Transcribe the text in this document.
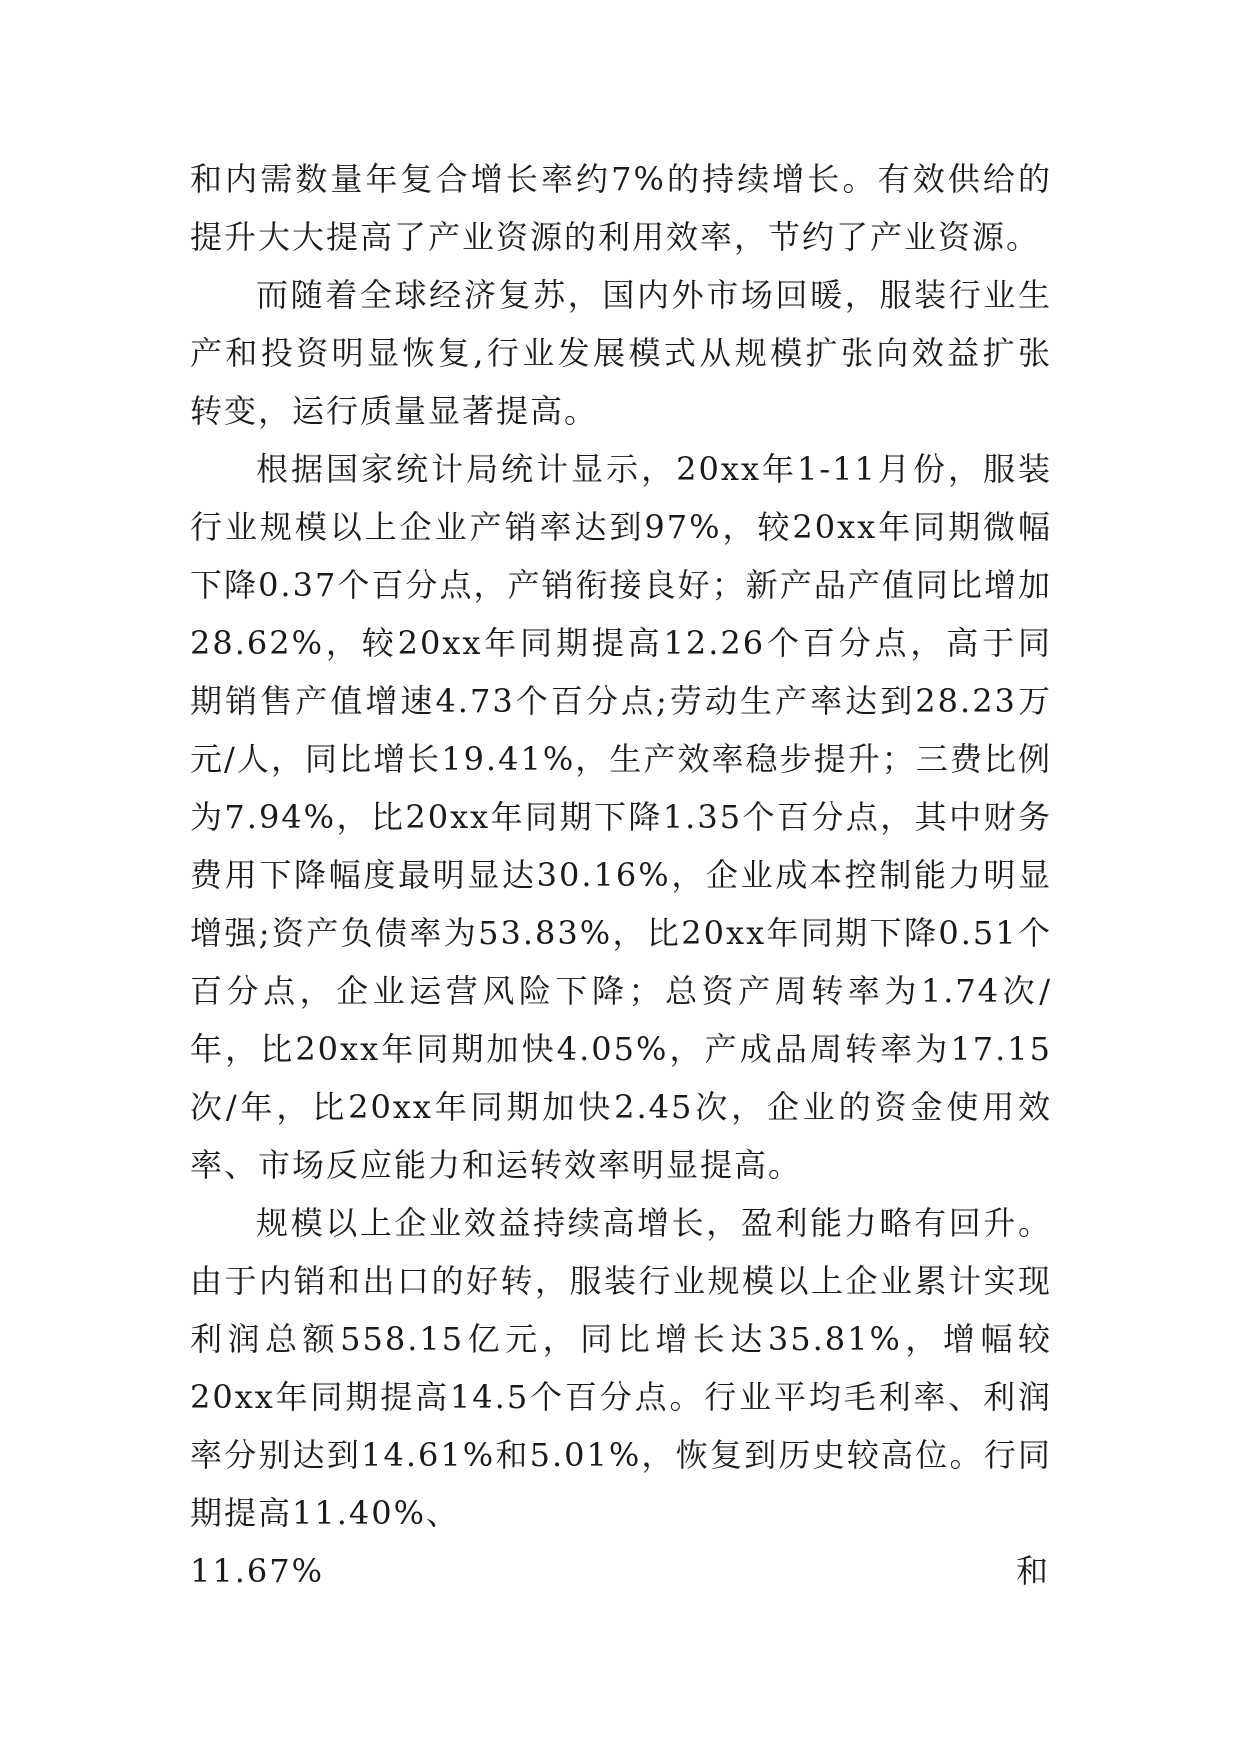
和内需数量年复合增长率约7%的持续增长。有效供给的提升大大提高了产业资源的利用效率，节约了产业资源。

而随着全球经济复苏，国内外市场回暖，服装行业生产和投资明显恢复,行业发展模式从规模扩张向效益扩张转变，运行质量显著提高。

根据国家统计局统计显示，20xx年1-11月份，服装行业规模以上企业产销率达到97%，较20xx年同期微幅下降0.37个百分点，产销衔接良好；新产品产值同比增加28.62%，较20xx年同期提高12.26个百分点，高于同期销售产值增速4.73个百分点;劳动生产率达到28.23万元/人，同比增长19.41%，生产效率稳步提升；三费比例为7.94%，比20xx年同期下降1.35个百分点，其中财务费用下降幅度最明显达30.16%，企业成本控制能力明显增强;资产负债率为53.83%，比20xx年同期下降0.51个百分点，企业运营风险下降；总资产周转率为1.74次/年，比20xx年同期加快4.05%，产成品周转率为17.15次/年，比20xx年同期加快2.45次，企业的资金使用效率、市场反应能力和运转效率明显提高。

规模以上企业效益持续高增长，盈利能力略有回升。由于内销和出口的好转，服装行业规模以上企业累计实现利润总额558.15亿元，同比增长达35.81%，增幅较20xx年同期提高14.5个百分点。行业平均毛利率、利润率分别达到14.61%和5.01%，恢复到历史较高位。行同期提高11.40%、

11.67%	和
